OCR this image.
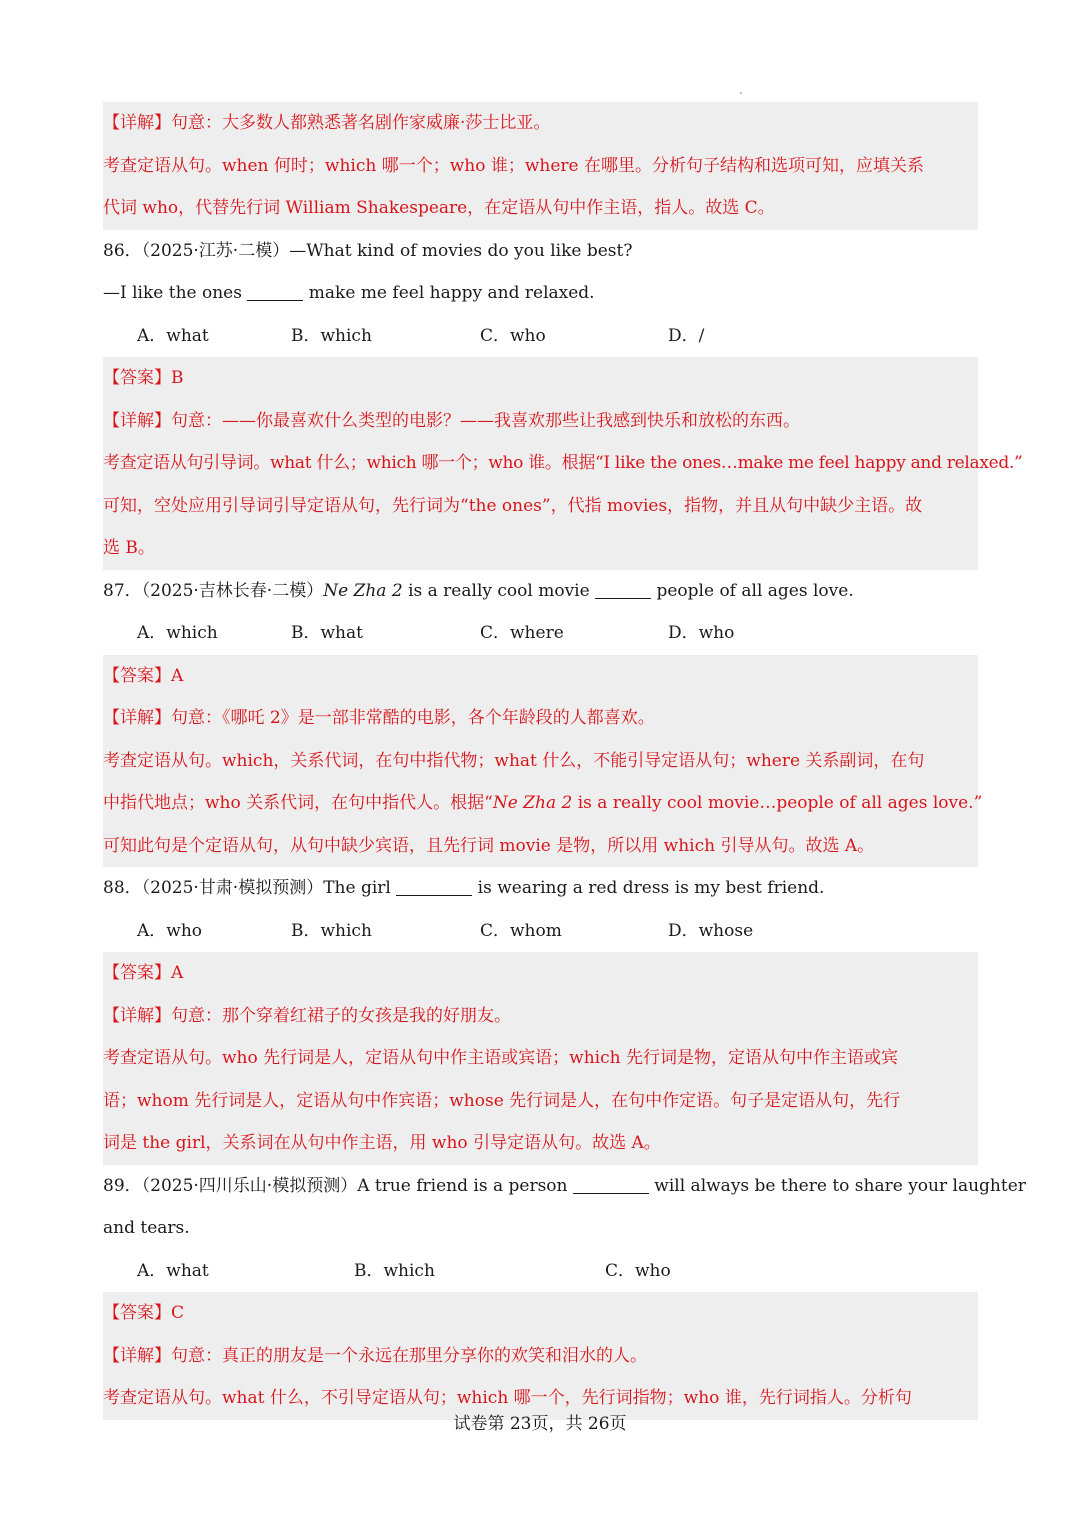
【详解】句意：大多数人都熟悉著名剧作家威廉·莎士比亚。
考查定语从句。when 何时；which 哪一个；who 谁；where 在哪里。分析句子结构和选项可知，应填关系
代词 who，代替先行词 William Shakespeare，在定语从句中作主语，指人。故选 C。
86．（2025·江苏·二模）—What kind of movies do you like best?
—I like the ones	make me feel happy and relaxed.
A．what	B．which	C．who	D．/
【答案】B
【详解】句意：——你最喜欢什么类型的电影？——我喜欢那些让我感到快乐和放松的东西。
考查定语从句引导词。what 什么；which 哪一个；who 谁。根据“I like the ones…make me feel happy and relaxed.”
可知，空处应用引导词引导定语从句，先行词为“the ones”，代指 movies，指物，并且从句中缺少主语。故
选 B。
87．（2025·吉林长春·二模）Ne Zha 2 is a really cool movie	people of all ages love.
A．which	B．what	C．where	D．who
【答案】A
【详解】句意：《哪吒 2》是一部非常酷的电影，各个年龄段的人都喜欢。
考查定语从句。which，关系代词，在句中指代物；what 什么，不能引导定语从句；where 关系副词，在句
中指代地点；who 关系代词，在句中指代人。根据“Ne Zha 2 is a really cool movie…people of all ages love.”
可知此句是个定语从句，从句中缺少宾语，且先行词 movie 是物，所以用 which 引导从句。故选 A。
88．（2025·甘肃·模拟预测）The girl	is wearing a red dress is my best friend.
A．who	B．which	C．whom	D．whose
【答案】A
【详解】句意：那个穿着红裙子的女孩是我的好朋友。
考查定语从句。who 先行词是人，定语从句中作主语或宾语；which 先行词是物，定语从句中作主语或宾
语；whom 先行词是人，定语从句中作宾语；whose 先行词是人，在句中作定语。句子是定语从句，先行
词是 the girl，关系词在从句中作主语，用 who 引导定语从句。故选 A。
89．（2025·四川乐山·模拟预测）A true friend is a person	will always be there to share your laughter
and tears.
A．what	B．which	C．who
【答案】C
【详解】句意：真正的朋友是一个永远在那里分享你的欢笑和泪水的人。
考查定语从句。what 什么，不引导定语从句；which 哪一个，先行词指物；who 谁，先行词指人。分析句
试卷第 23页，共 26页
